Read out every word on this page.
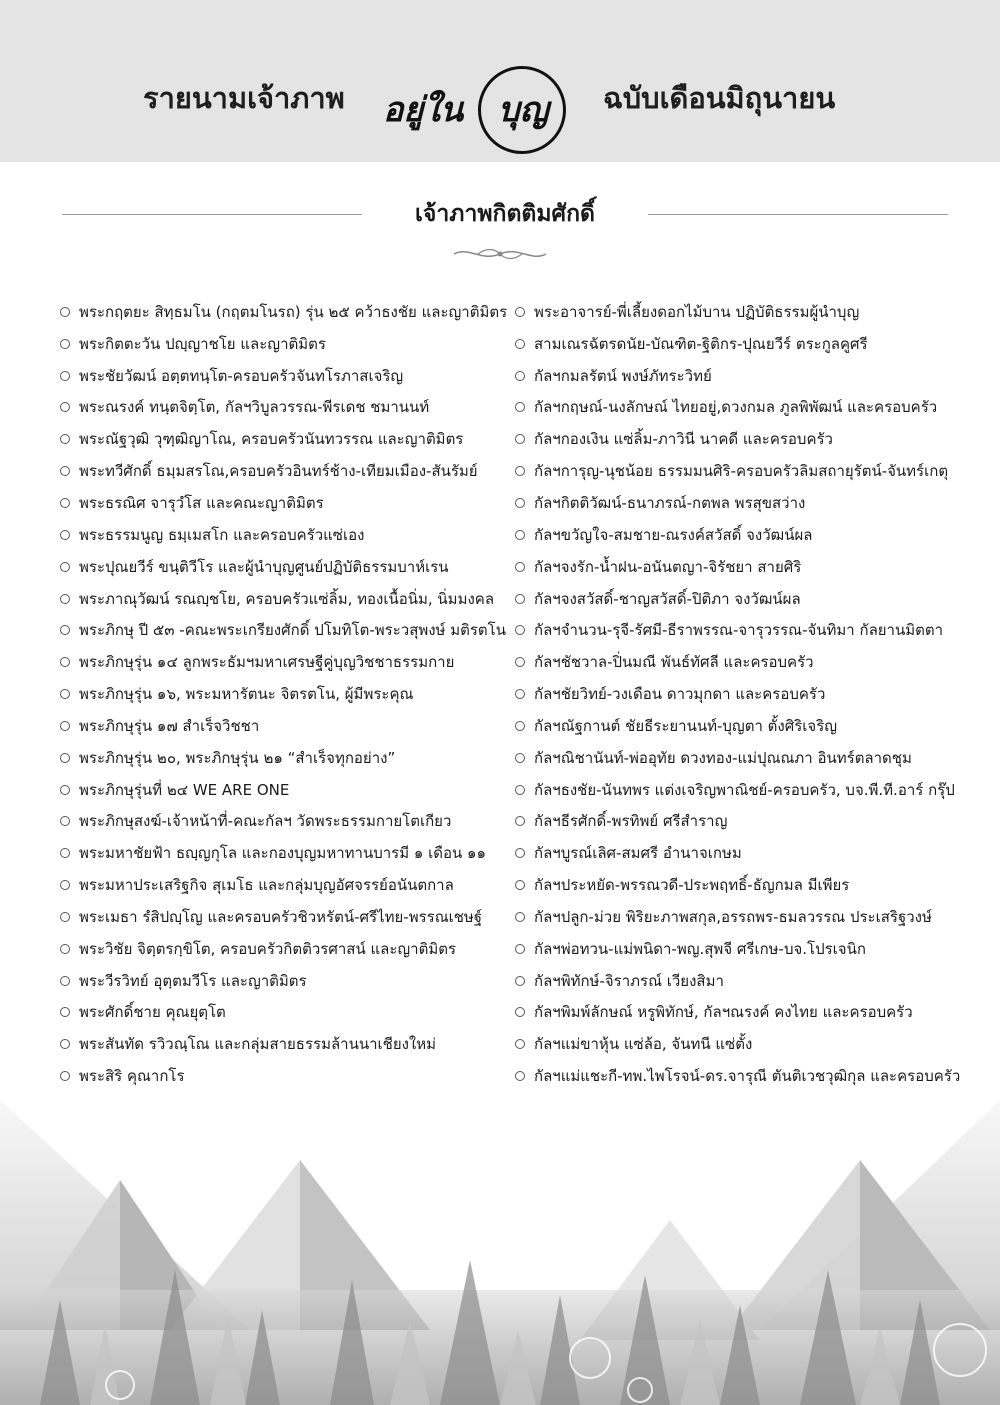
รายนามเจ้าภาพ อยู่ใน บุญ ฉบับเดือนมิถุนายน
เจ้าภาพกิตติมศักดิ์
พระกฤตยะ สิทฺธมโน (กฤตมโนรถ) รุ่น ๒๕ คว้าธงชัย และญาติมิตร
พระกิตตะวัน ปญฺญาชโย และญาติมิตร
พระชัยวัฒน์ อตฺตทนฺโต-ครอบครัวจันทโรภาสเจริญ
พระณรงค์ ทนฺตจิตฺโต, กัลฯวิบูลวรรณ-พีรเดช ชมานนท์
พระณัฐวุฒิ วุฑฺฒิญาโณ, ครอบครัวนันทวรรณ และญาติมิตร
พระทวีศักดิ์ ธมฺมสรโณ,ครอบครัวอินทร์ช้าง-เทียมเมือง-สันรัมย์
พระธรณิศ จารุวํโส และคณะญาติมิตร
พระธรรมนูญ ธมฺเมสโก และครอบครัวแซ่เอง
พระปุณยวีร์ ขนฺติวีโร และผู้นำบุญศูนย์ปฏิบัติธรรมบาห์เรน
พระภาณุวัฒน์ รณญฺชโย, ครอบครัวแซ่ลิ้ม, ทองเนื้อนิ่ม, นิ่มมงคล
พระภิกษุ ปี ๕๓ -คณะพระเกรียงศักดิ์ ปโมทิโต-พระวสุพงษ์ มติรตโน
พระภิกษุรุ่น ๑๔ ลูกพระธัมฯมหาเศรษฐีคู่บุญวิชชาธรรมกาย
พระภิกษุรุ่น ๑๖, พระมหารัตนะ จิตรตโน, ผู้มีพระคุณ
พระภิกษุรุ่น ๑๗ สำเร็จวิชชา
พระภิกษุรุ่น ๒๐, พระภิกษุรุ่น ๒๑ “สำเร็จทุกอย่าง”
พระภิกษุรุ่นที่ ๒๔ WE ARE ONE
พระภิกษุสงฆ์-เจ้าหน้าที่-คณะกัลฯ วัดพระธรรมกายโตเกียว
พระมหาชัยฟ้า ธญฺญกุโล และกองบุญมหาทานบารมี ๑ เดือน ๑๑
พระมหาประเสริฐกิจ สุเมโธ และกลุ่มบุญอัศจรรย์อนันตกาล
พระเมธา รํสิปญฺโญ และครอบครัวชิวหรัตน์-ศรีไทย-พรรณเชษฐ์
พระวิชัย จิตฺตรกฺขิโต, ครอบครัวกิตติวรศาสน์ และญาติมิตร
พระวีรวิทย์ อุตฺตมวีโร และญาติมิตร
พระศักดิ์ชาย คุณยุตฺโต
พระสันทัด รวิวณฺโณ และกลุ่มสายธรรมล้านนาเชียงใหม่
พระสิริ คุณากโร
พระอาจารย์-พี่เลี้ยงดอกไม้บาน ปฏิบัติธรรมผู้นำบุญ
สามเณรฉัตรดนัย-บัณฑิต-ฐิติกร-ปุณยวีร์ ตระกูลคูศรี
กัลฯกมลรัตน์ พงษ์ภัทระวิทย์
กัลฯกฤษณ์-นงลักษณ์ ไทยอยู่,ดวงกมล ภูลพิพัฒน์ และครอบครัว
กัลฯกองเงิน แซ่ลิ้ม-ภาวินี นาคดี และครอบครัว
กัลฯการุญ-นุชน้อย ธรรมมนศิริ-ครอบครัวลิมสถายุรัตน์-จันทร์เกตุ
กัลฯกิตติวัฒน์-ธนาภรณ์-กตพล พรสุขสว่าง
กัลฯขวัญใจ-สมชาย-ณรงค์สวัสดิ์ จงวัฒน์ผล
กัลฯจงรัก-น้ำฝน-อนันตญา-จิรัชยา สายศิริ
กัลฯจงสวัสดิ์-ชาญสวัสดิ์-ปิติภา จงวัฒน์ผล
กัลฯจำนวน-รุจี-รัศมี-ธีราพรรณ-จารุวรรณ-จันทิมา กัลยานมิตตา
กัลฯชัชวาล-ปิ่นมณี พันธ์ทัศลี และครอบครัว
กัลฯชัยวิทย์-วงเดือน ดาวมุกดา และครอบครัว
กัลฯณัฐกานต์ ชัยธีระยานนท์-บุญตา ตั้งศิริเจริญ
กัลฯณิชานันท์-พ่ออุทัย ดวงทอง-แม่ปุณณภา อินทร์ตลาดชุม
กัลฯธงชัย-นันทพร แต่งเจริญพาณิชย์-ครอบครัว, บจ.พี.ที.อาร์ กรุ๊ป
กัลฯธีรศักดิ์-พรทิพย์ ศรีสำราญ
กัลฯบูรณ์เลิศ-สมศรี อำนาจเกษม
กัลฯประหยัด-พรรณวดี-ประพฤทธิ์-ธัญกมล มีเพียร
กัลฯปลูก-ม่วย พิริยะภาพสกุล,อรรถพร-ธมลวรรณ ประเสริฐวงษ์
กัลฯพ่อทวน-แม่พนิดา-พญ.สุพจี ศรีเกษ-บจ.โปรเจนิก
กัลฯพิทักษ์-จิราภรณ์ เวียงสิมา
กัลฯพิมพ์ลักษณ์ หรูพิทักษ์, กัลฯณรงค์ คงไทย และครอบครัว
กัลฯแม่ขาหุ้น แซ่ล้อ, จันทนี แซ่ตั้ง
กัลฯแม่แชะกี-ทพ.ไพโรจน์-ดร.จารุณี ตันติเวชวุฒิกุล และครอบครัว
